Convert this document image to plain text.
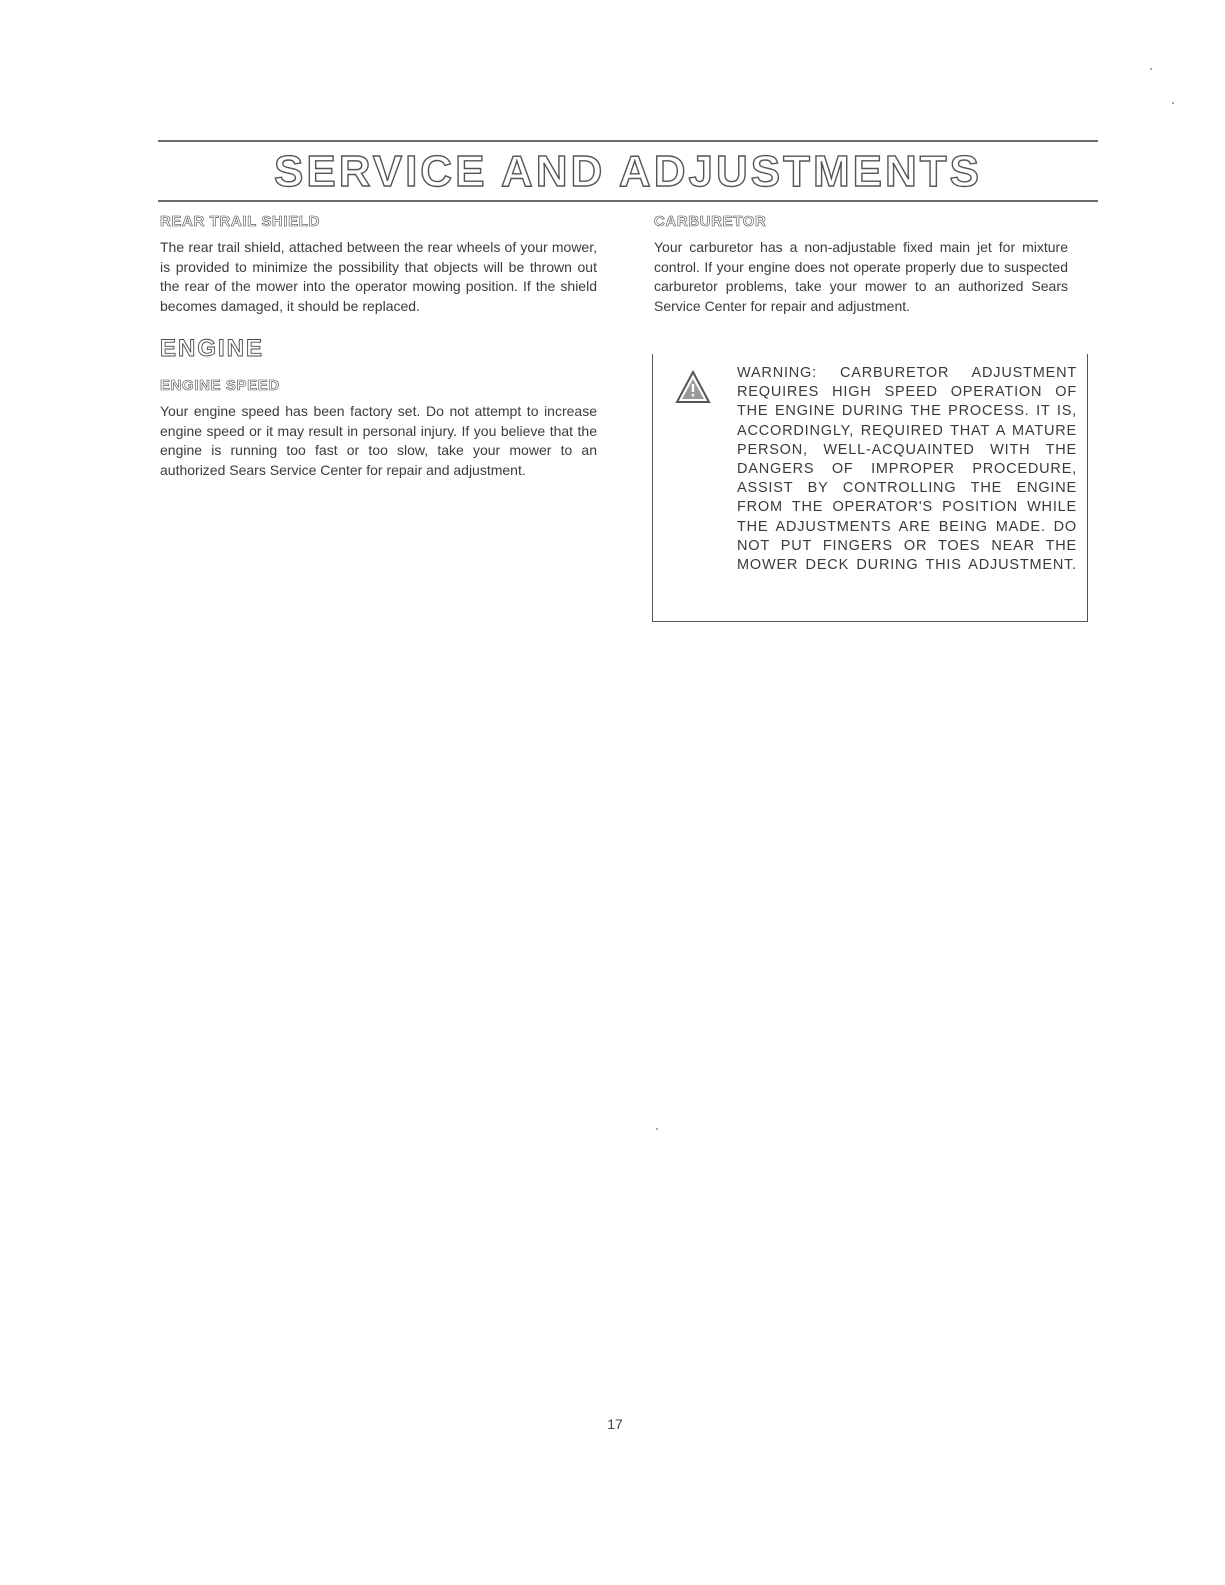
SERVICE AND ADJUSTMENTS
REAR TRAIL SHIELD

The rear trail shield, attached between the rear wheels of your mower, is provided to minimize the possibility that objects will be thrown out the rear of the mower into the operator mowing position. If the shield becomes damaged, it should be replaced.

ENGINE
ENGINE SPEED

Your engine speed has been factory set. Do not attempt to increase engine speed or it may result in personal injury. If you believe that the engine is running too fast or too slow, take your mower to an authorized Sears Service Center for repair and adjustment.

CARBURETOR

Your carburetor has a non-adjustable fixed main jet for mixture control. If your engine does not operate properly due to suspected carburetor problems, take your mower to an authorized Sears Service Center for repair and adjustment.

WARNING: CARBURETOR ADJUSTMENT REQUIRES HIGH SPEED OPERATION OF THE ENGINE DURING THE PROCESS. IT IS, ACCORDINGLY, REQUIRED THAT A MATURE PERSON, WELL-ACQUAINTED WITH THE DANGERS OF IMPROPER PROCEDURE, ASSIST BY CONTROLLING THE ENGINE FROM THE OPERATOR'S POSITION WHILE THE ADJUSTMENTS ARE BEING MADE. DO NOT PUT FINGERS OR TOES NEAR THE MOWER DECK DURING THIS ADJUSTMENT.

17
